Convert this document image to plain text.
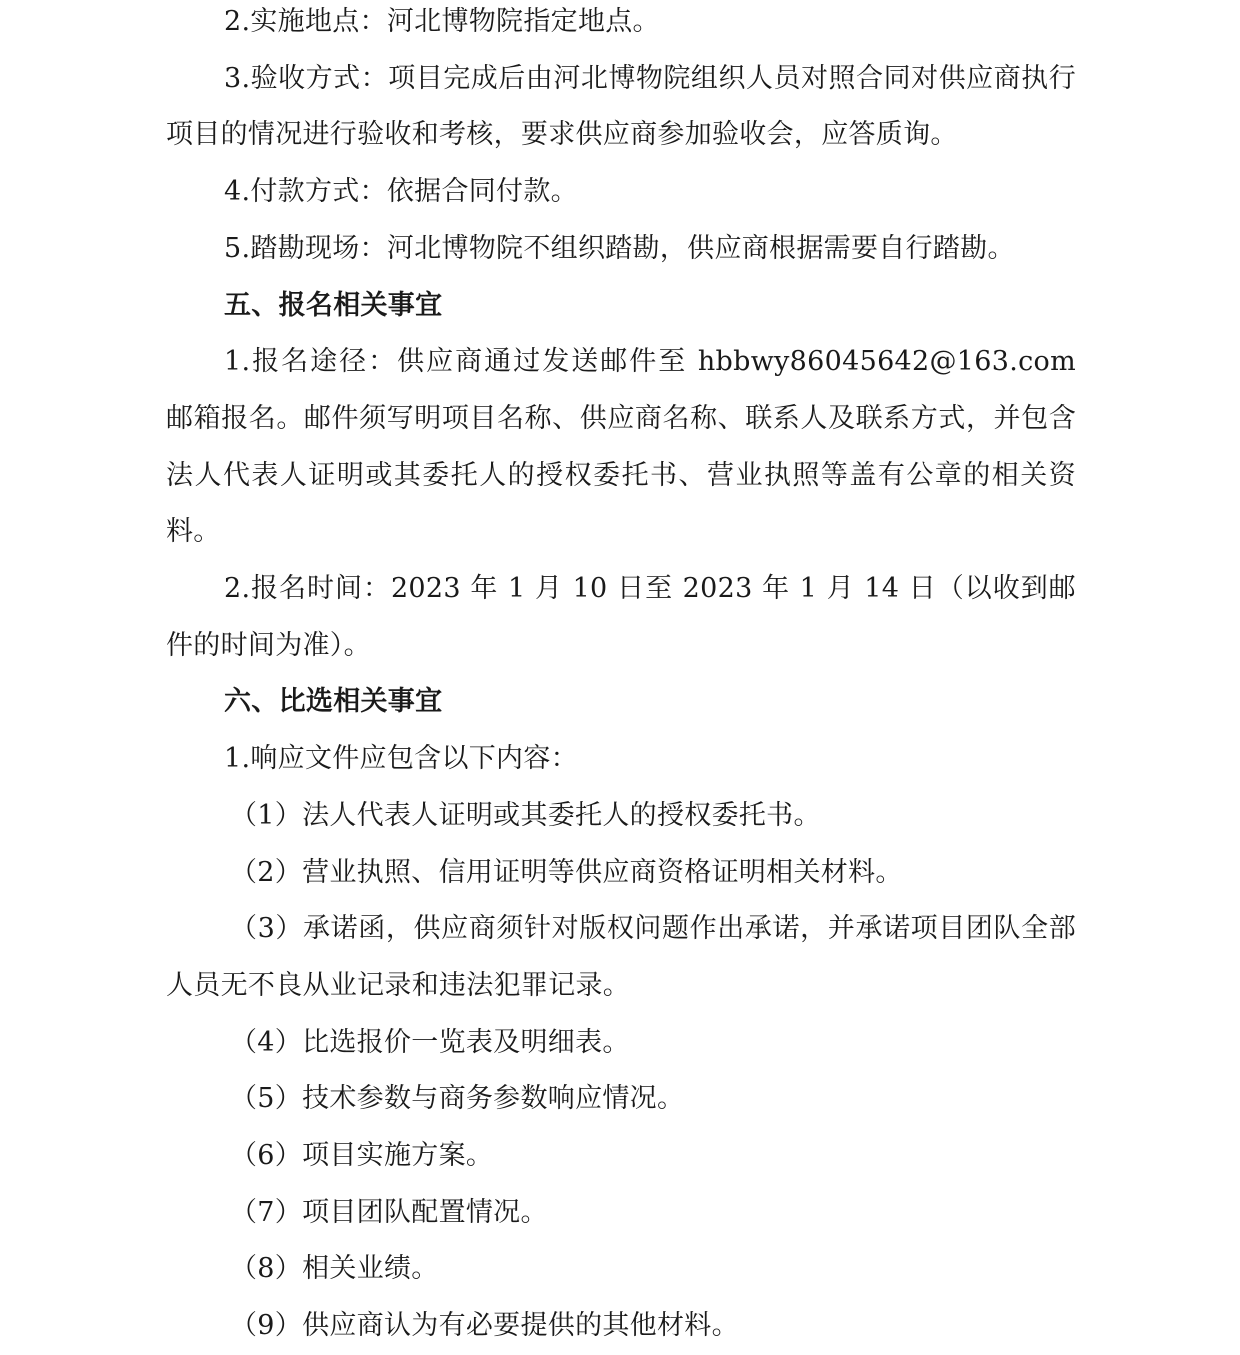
2.实施地点：河北博物院指定地点。

3.验收方式：项目完成后由河北博物院组织人员对照合同对供应商执行项目的情况进行验收和考核，要求供应商参加验收会，应答质询。

4.付款方式：依据合同付款。

5.踏勘现场：河北博物院不组织踏勘，供应商根据需要自行踏勘。

五、报名相关事宜

1.报名途径：供应商通过发送邮件至 hbbwy86045642@163.com 邮箱报名。邮件须写明项目名称、供应商名称、联系人及联系方式，并包含法人代表人证明或其委托人的授权委托书、营业执照等盖有公章的相关资料。

2.报名时间：2023 年 1 月 10 日至 2023 年 1 月 14 日（以收到邮件的时间为准）。

六、比选相关事宜

1.响应文件应包含以下内容：

（1）法人代表人证明或其委托人的授权委托书。

（2）营业执照、信用证明等供应商资格证明相关材料。

（3）承诺函，供应商须针对版权问题作出承诺，并承诺项目团队全部人员无不良从业记录和违法犯罪记录。

（4）比选报价一览表及明细表。

（5）技术参数与商务参数响应情况。

（6）项目实施方案。

（7）项目团队配置情况。

（8）相关业绩。

（9）供应商认为有必要提供的其他材料。
